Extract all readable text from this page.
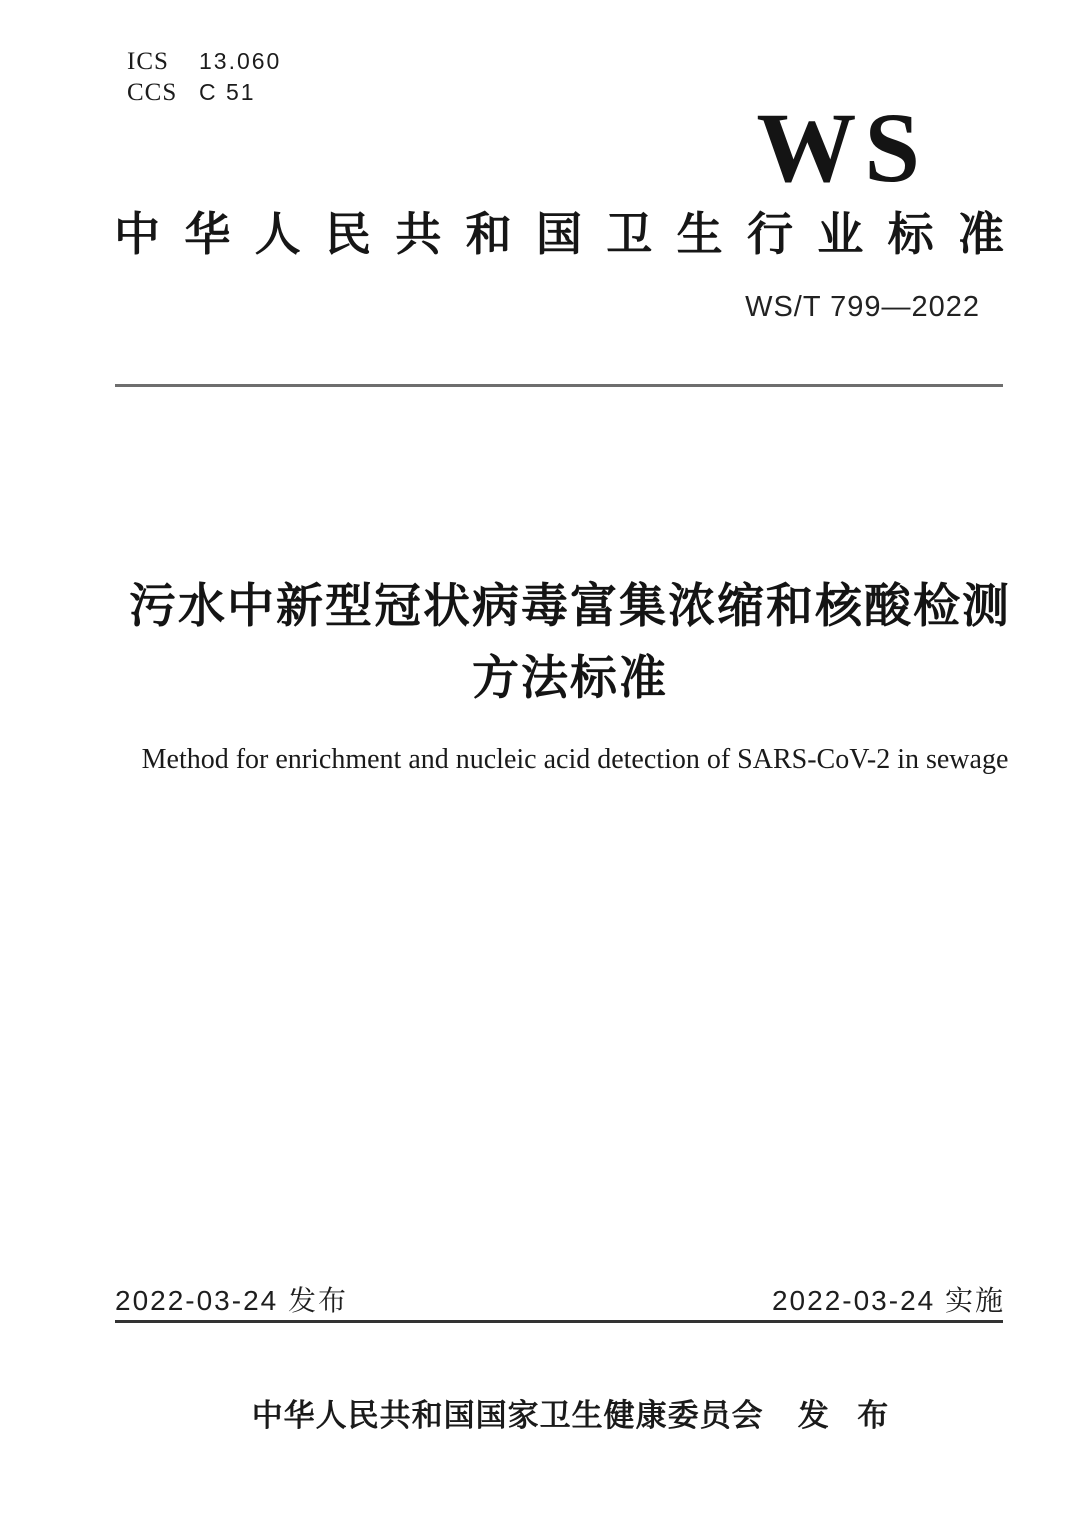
ICS	13.060
CCS C 51	WS
中 华 人 民 共 和 国 卫 生 行 业 标 准
WS/T 799—2022
污水中新型冠状病毒富集浓缩和核酸检测
方法标准
Method for enrichment and nucleic acid detection of SARS-CoV-2 in sewage
2022-03-24 发布	2022-03-24 实施
中华人民共和国国家卫生健康委员会 发 布
